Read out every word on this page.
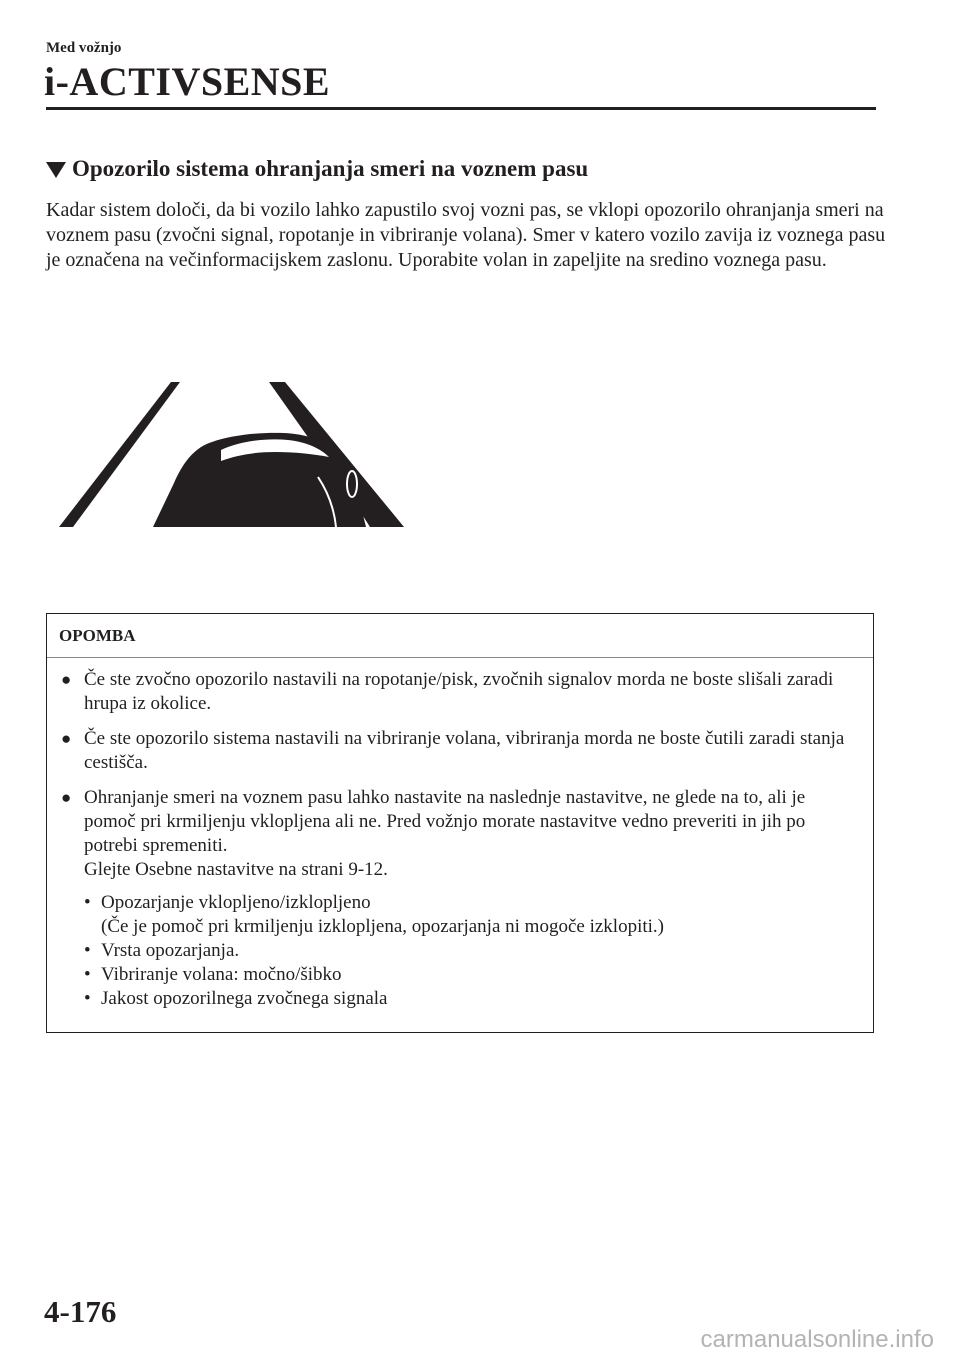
Med vožnjo
i-ACTIVSENSE
Opozorilo sistema ohranjanja smeri na voznem pasu

Kadar sistem določi, da bi vozilo lahko zapustilo svoj vozni pas, se vklopi opozorilo ohranjanja smeri na voznem pasu (zvočni signal, ropotanje in vibriranje volana). Smer v katero vozilo zavija iz voznega pasu je označena na večinformacijskem zaslonu. Uporabite volan in zapeljite na sredino voznega pasu.

OPOMBA
● Če ste zvočno opozorilo nastavili na ropotanje/pisk, zvočnih signalov morda ne boste slišali zaradi hrupa iz okolice.
● Če ste opozorilo sistema nastavili na vibriranje volana, vibriranja morda ne boste čutili zaradi stanja cestišča.
● Ohranjanje smeri na voznem pasu lahko nastavite na naslednje nastavitve, ne glede na to, ali je pomoč pri krmiljenju vklopljena ali ne. Pred vožnjo morate nastavitve vedno preveriti in jih po potrebi spremeniti.
Glejte Osebne nastavitve na strani 9-12.
• Opozarjanje vklopljeno/izklopljeno
(Če je pomoč pri krmiljenju izklopljena, opozarjanja ni mogoče izklopiti.)
• Vrsta opozarjanja.
• Vibriranje volana: močno/šibko
• Jakost opozorilnega zvočnega signala
4-176
carmanualsonline.info
